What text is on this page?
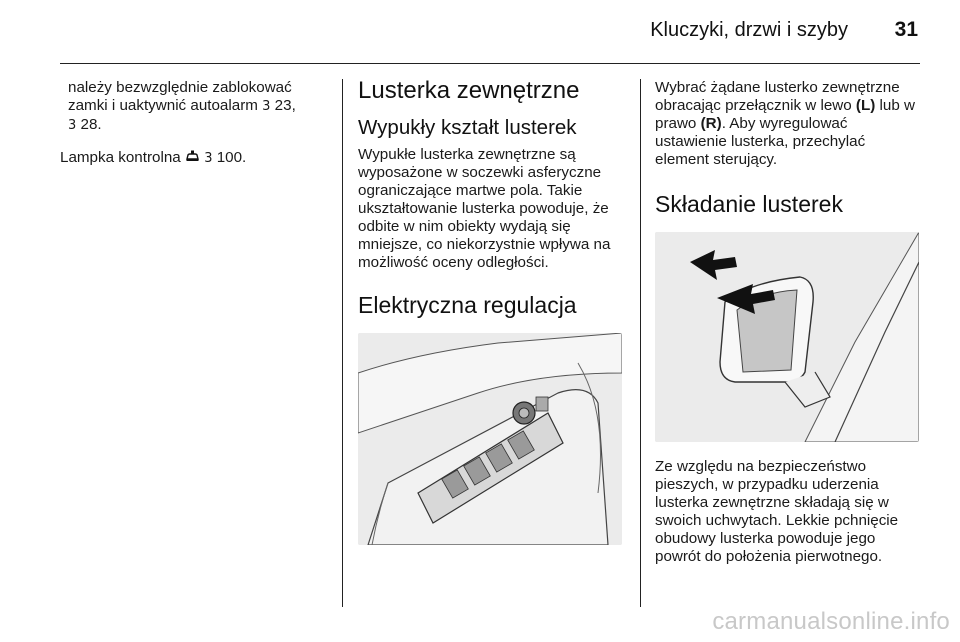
Kluczyki, drzwi i szyby 31

należy bezwzględnie zablokować
zamki i uaktywnić autoalarm 3 23,
3 28.

Lampka kontrolna 3 100.

Lusterka zewnętrzne
Wypukły kształt lusterek

Wypukłe lusterka zewnętrzne są wyposażone w soczewki asferyczne ograniczające martwe pola. Takie ukształtowanie lusterka powoduje, że odbite w nim obiekty wydają się mniejsze, co niekorzystnie wpływa na możliwość oceny odległości.

Elektryczna regulacja

Wybrać żądane lusterko zewnętrzne obracając przełącznik w lewo (L) lub w prawo (R). Aby wyregulować ustawienie lusterka, przechylać element sterujący.

Składanie lusterek

Ze względu na bezpieczeństwo pieszych, w przypadku uderzenia lusterka zewnętrzne składają się w swoich uchwytach. Lekkie pchnięcie obudowy lusterka powoduje jego powrót do położenia pierwotnego.

carmanualsonline.info
